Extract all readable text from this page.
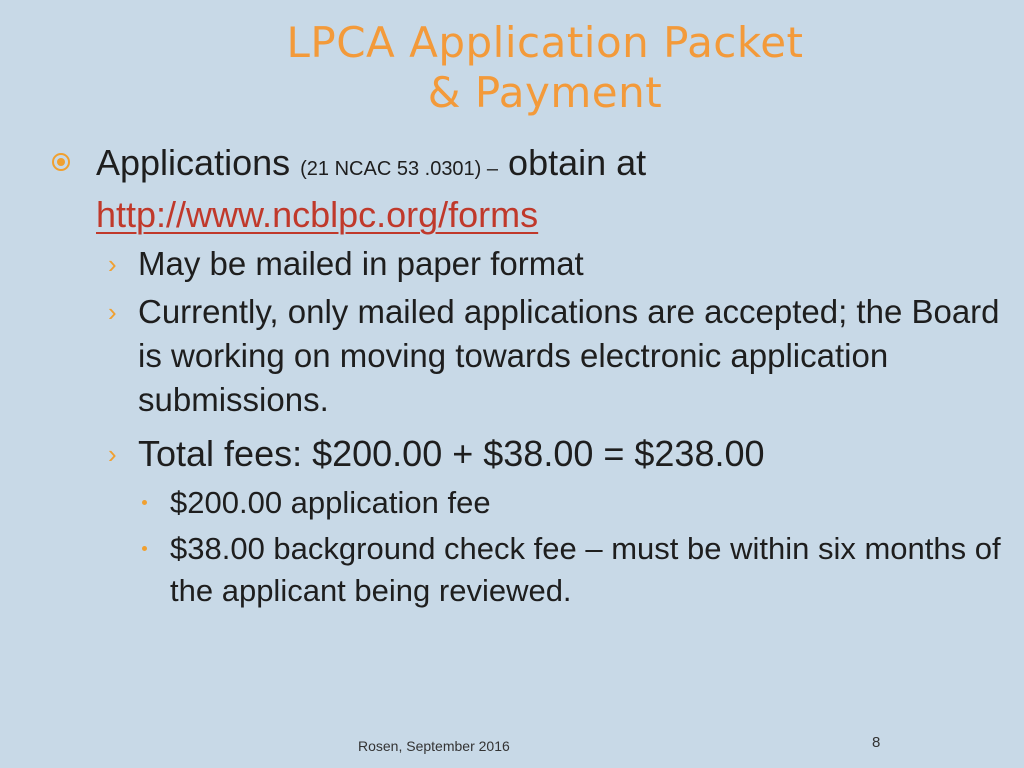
LPCA Application Packet
& Payment
Applications (21 NCAC 53 .0301) – obtain at
http://www.ncblpc.org/forms
› May be mailed in paper format
› Currently, only mailed applications are accepted; the Board is working on moving towards electronic application submissions.
› Total fees: $200.00 + $38.00 = $238.00
$200.00 application fee
$38.00 background check fee – must be within six months of the applicant being reviewed.
Rosen, September 2016	8
